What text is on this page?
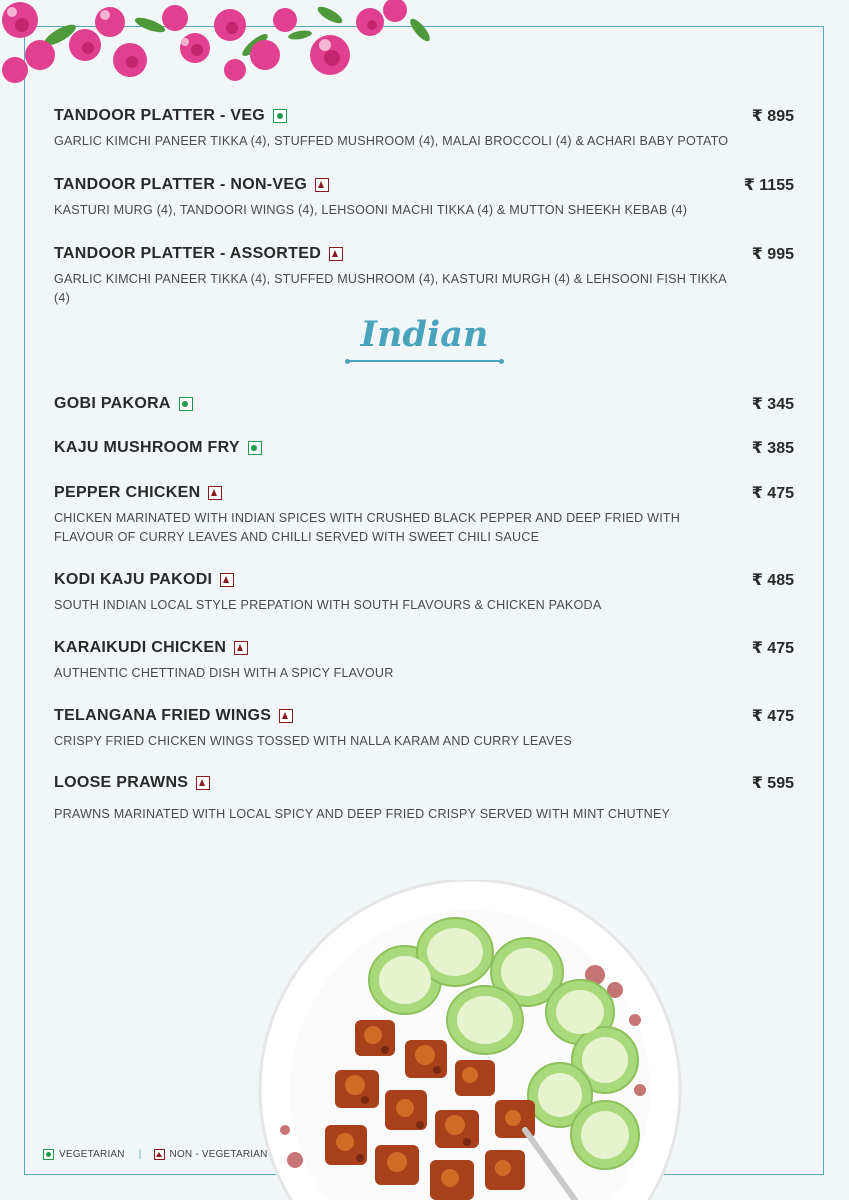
TANDOOR PLATTER - VEG	₹ 895
GARLIC KIMCHI PANEER TIKKA (4), STUFFED MUSHROOM (4), MALAI BROCCOLI (4) & ACHARI BABY POTATO
TANDOOR PLATTER - NON-VEG	₹ 1155
KASTURI MURG (4), TANDOORI WINGS (4), LEHSOONI MACHI TIKKA (4) & MUTTON SHEEKH KEBAB (4)
TANDOOR PLATTER - ASSORTED	₹ 995
GARLIC KIMCHI PANEER TIKKA (4), STUFFED MUSHROOM (4), KASTURI MURGH (4) & LEHSOONI FISH TIKKA (4)
Indian
GOBI PAKORA	₹ 345
KAJU MUSHROOM FRY	₹ 385
PEPPER CHICKEN	₹ 475
CHICKEN MARINATED WITH INDIAN SPICES WITH CRUSHED BLACK PEPPER AND DEEP FRIED WITH FLAVOUR OF CURRY LEAVES AND CHILLI SERVED WITH SWEET CHILI SAUCE
KODI KAJU PAKODI	₹ 485
SOUTH INDIAN LOCAL STYLE PREPATION WITH SOUTH FLAVOURS & CHICKEN PAKODA
KARAIKUDI CHICKEN	₹ 475
AUTHENTIC CHETTINAD DISH WITH A SPICY FLAVOUR
TELANGANA FRIED WINGS	₹ 475
CRISPY FRIED CHICKEN WINGS TOSSED WITH NALLA KARAM AND CURRY LEAVES
LOOSE PRAWNS	₹ 595
PRAWNS MARINATED WITH LOCAL SPICY AND DEEP FRIED CRISPY SERVED WITH MINT CHUTNEY
VEGETARIAN |	NON - VEGETARIAN
